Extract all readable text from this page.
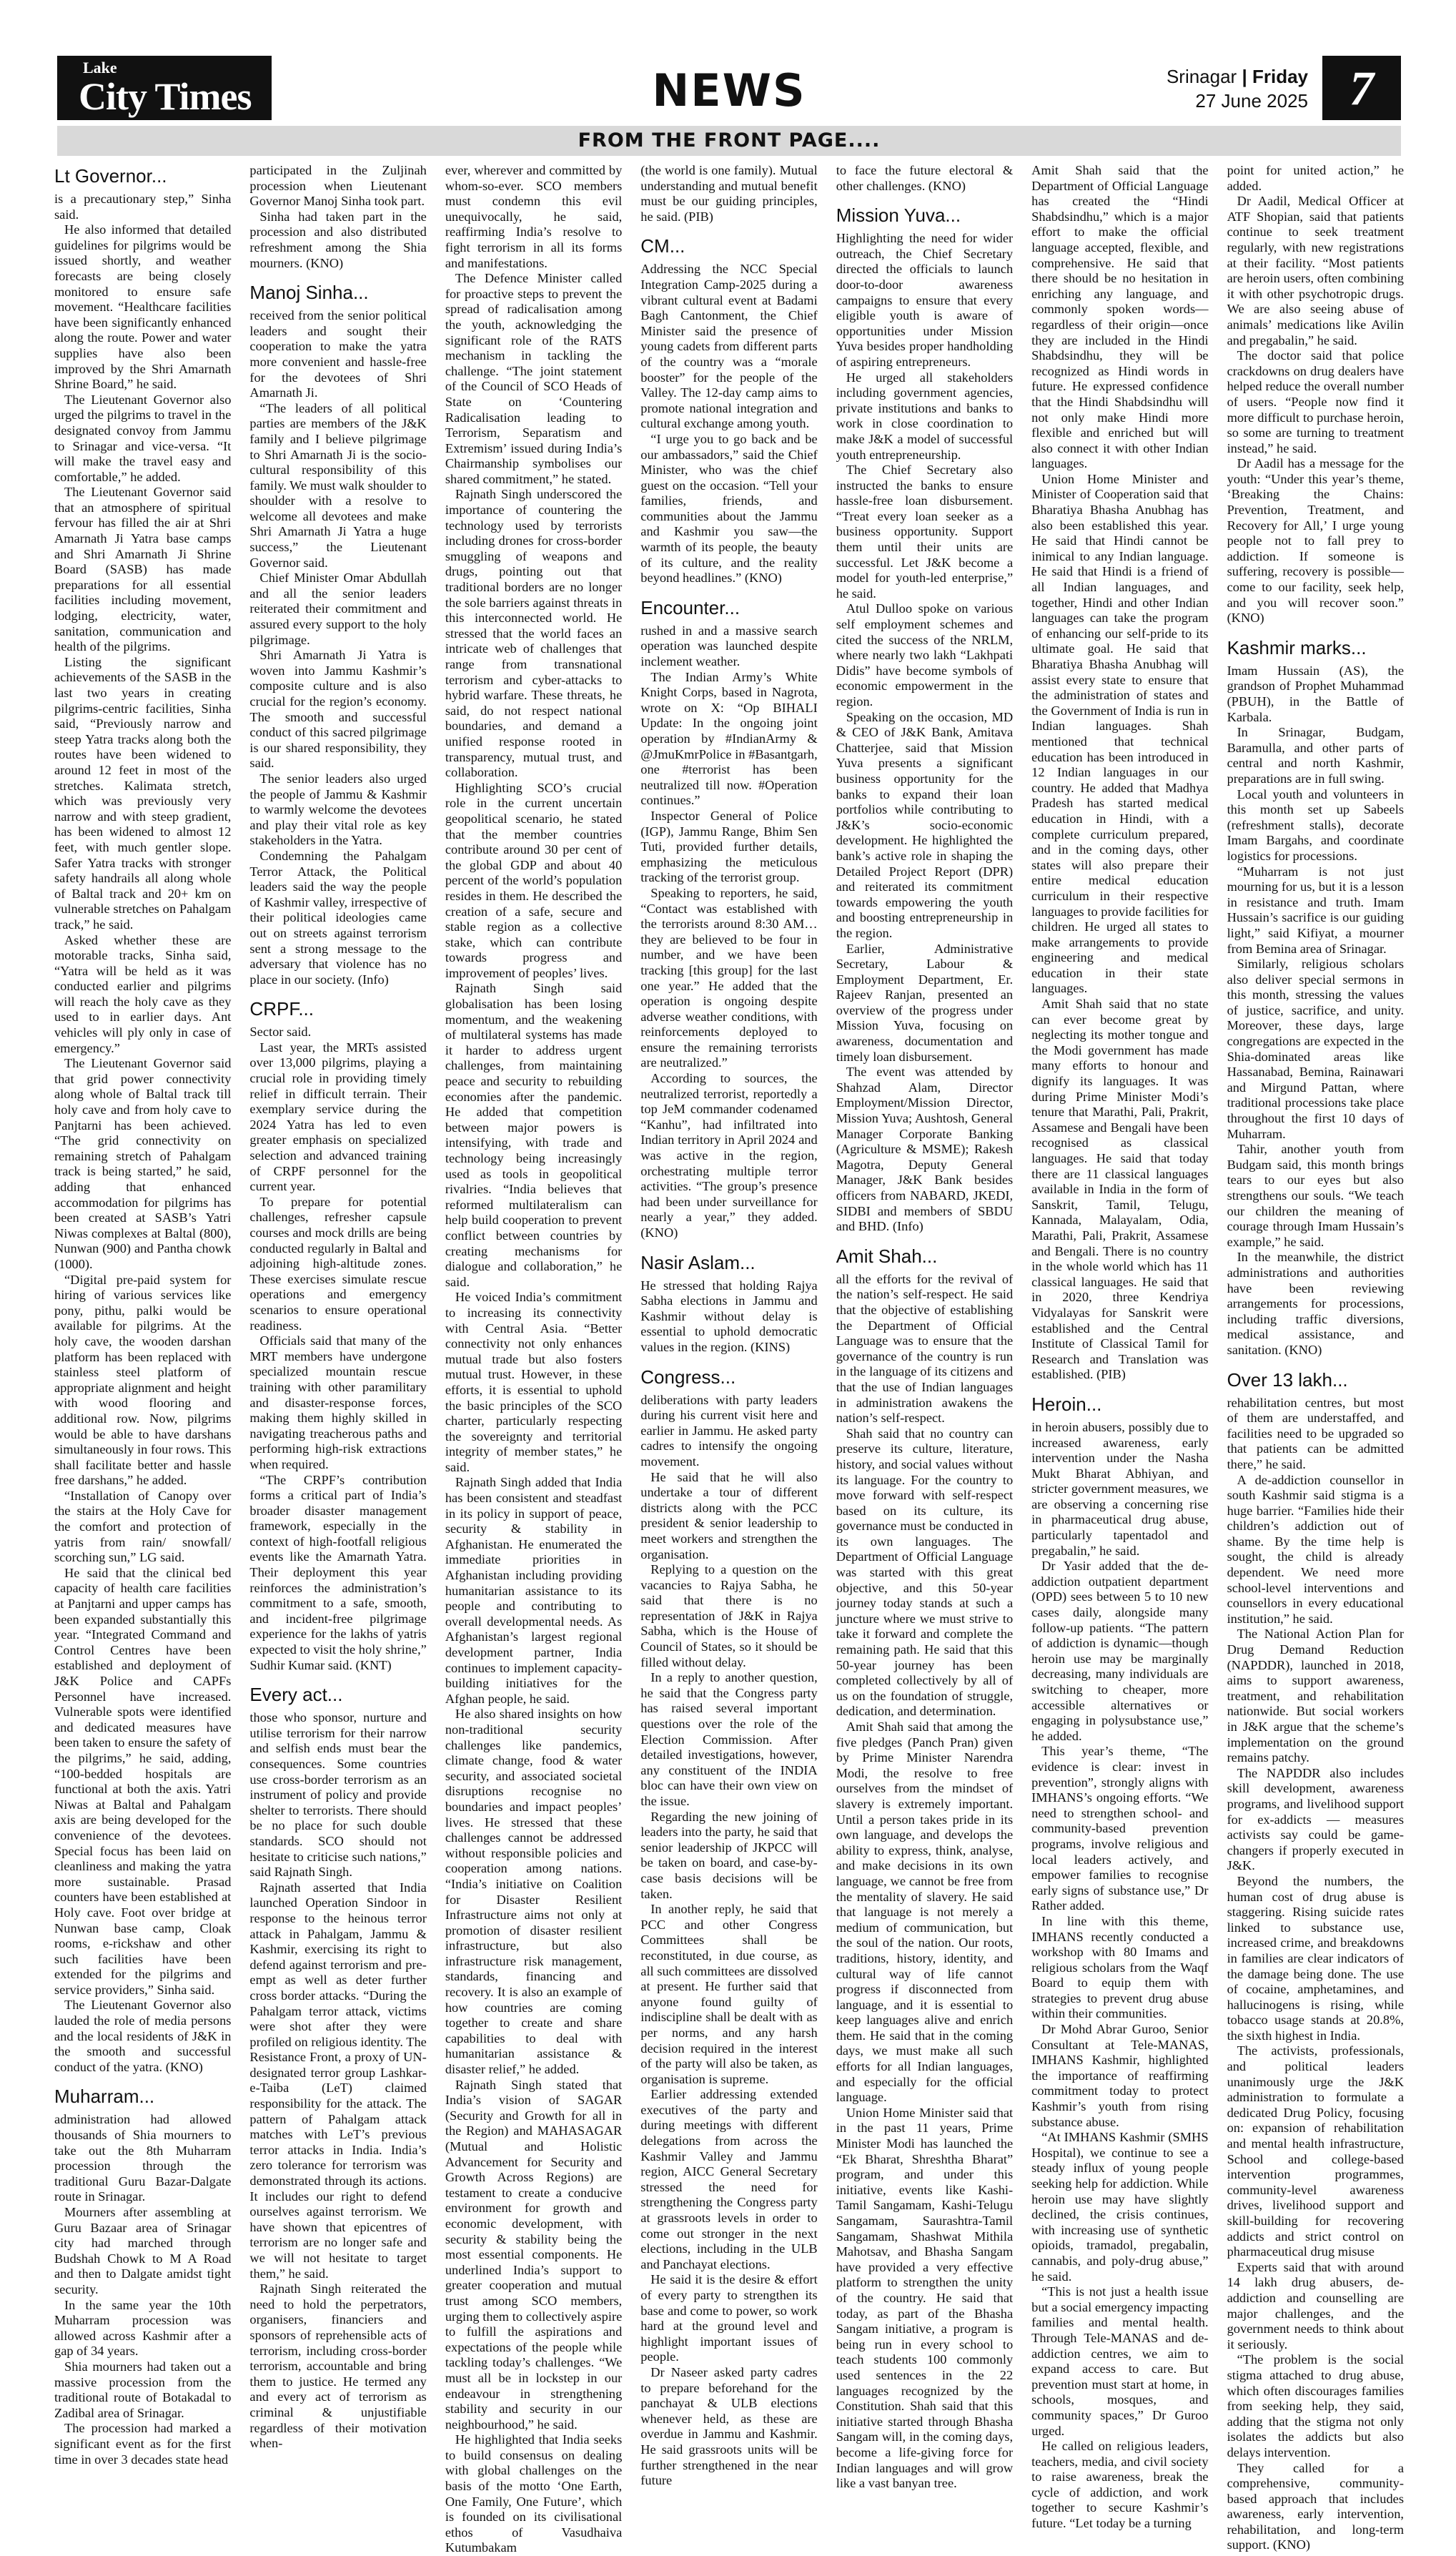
Lake
City Times	NEWS	Srinagar | Friday
27 June 2025 7
FROM THE FRONT PAGE....
Lt Governor...

is a precautionary step,” Sinha said.

He also informed that detailed guidelines for pilgrims would be issued shortly, and weather forecasts are being closely monitored to ensure safe movement. “Healthcare facilities have been significantly enhanced along the route. Power and water supplies have also been improved by the Shri Amarnath Shrine Board,” he said.

The Lieutenant Governor also urged the pilgrims to travel in the designated convoy from Jammu to Srinagar and vice-versa. “It will make the travel easy and comfortable,” he added.

The Lieutenant Governor said that an atmosphere of spiritual fervour has filled the air at Shri Amarnath Ji Yatra base camps and Shri Amarnath Ji Shrine Board (SASB) has made preparations for all essential facilities including movement, lodging, electricity, water, sanitation, communication and health of the pilgrims.

Listing the significant achievements of the SASB in the last two years in creating pilgrims-centric facilities, Sinha said, “Previously narrow and steep Yatra tracks along both the routes have been widened to around 12 feet in most of the stretches. Kalimata stretch, which was previously very narrow and with steep gradient, has been widened to almost 12 feet, with much gentler slope. Safer Yatra tracks with stronger safety handrails all along whole of Baltal track and 20+ km on vulnerable stretches on Pahalgam track,” he said.

Asked whether these are motorable tracks, Sinha said, “Yatra will be held as it was conducted earlier and pilgrims will reach the holy cave as they used to in earlier days. Ant vehicles will ply only in case of emergency.”

The Lieutenant Governor said that grid power connectivity along whole of Baltal track till holy cave and from holy cave to Panjtarni has been achieved. “The grid connectivity on remaining stretch of Pahalgam track is being started,” he said, adding that enhanced accommodation for pilgrims has been created at SASB’s Yatri Niwas complexes at Baltal (800), Nunwan (900) and Panthа chowk (1000).

“Digital pre-paid system for hiring of various services like pony, pithu, palki would be available for pilgrims. At the holy cave, the wooden darshan platform has been replaced with stainless steel platform of appropriate alignment and height with wood flooring and additional row. Now, pilgrims would be able to have darshans simultaneously in four rows. This shall facilitate better and hassle free darshans,” he added.

“Installation of Canopy over the stairs at the Holy Cave for the comfort and protection of yatris from rain/ snowfall/ scorching sun,” LG said.

He said that the clinical bed capacity of health care facilities at Panjtarni and upper camps has been expanded substantially this year. “Integrated Command and Control Centres have been established and deployment of J&K Police and CAPFs Personnel have increased. Vulnerable spots were identified and dedicated measures have been taken to ensure the safety of the pilgrims,” he said, adding, “100-bedded hospitals are functional at both the axis. Yatri Niwas at Baltal and Pahalgam axis are being developed for the convenience of the devotees. Special focus has been laid on cleanliness and making the yatra more sustainable. Prasad counters have been established at Holy cave. Foot over bridge at Nunwan base camp, Cloak rooms, e-rickshaw and other such facilities have been extended for the pilgrims and service providers,” Sinha said.

The Lieutenant Governor also lauded the role of media persons and the local residents of J&K in the smooth and successful conduct of the yatra. (KNO)

Muharram...

administration had allowed thousands of Shia mourners to take out the 8th Muharram procession through the traditional Guru Bazar-Dalgate route in Srinagar.

Mourners after assembling at Guru Bazaar area of Srinagar city had marched through Budshah Chowk to M A Road and then to Dalgate amidst tight security.

In the same year the 10th Muharram procession was allowed across Kashmir after a gap of 34 years.

Shia mourners had taken out a massive procession from the traditional route of Botakadal to Zadibal area of Srinagar.

The procession had marked a significant event as for the first time in over 3 decades state head

participated in the Zuljinah procession when Lieutenant Governor Manoj Sinha took part.

Sinha had taken part in the procession and also distributed refreshment among the Shia mourners. (KNO)

Manoj Sinha...

received from the senior political leaders and sought their cooperation to make the yatra more convenient and hassle-free for the devotees of Shri Amarnath Ji.

“The leaders of all political parties are members of the J&K family and I believe pilgrimage to Shri Amarnath Ji is the socio-cultural responsibility of this family. We must walk shoulder to shoulder with a resolve to welcome all devotees and make Shri Amarnath Ji Yatra a huge success,” the Lieutenant Governor said.

Chief Minister Omar Abdullah and all the senior leaders reiterated their commitment and assured every support to the holy pilgrimage.

Shri Amarnath Ji Yatra is woven into Jammu Kashmir’s composite culture and is also crucial for the region’s economy. The smooth and successful conduct of this sacred pilgrimage is our shared responsibility, they said.

The senior leaders also urged the people of Jammu & Kashmir to warmly welcome the devotees and play their vital role as key stakeholders in the Yatra.

Condemning the Pahalgam Terror Attack, the Political leaders said the way the people of Kashmir valley, irrespective of their political ideologies came out on streets against terrorism sent a strong message to the adversary that violence has no place in our society. (Info)

CRPF...

Sector said.

Last year, the MRTs assisted over 13,000 pilgrims, playing a crucial role in providing timely relief in difficult terrain. Their exemplary service during the 2024 Yatra has led to even greater emphasis on specialized selection and advanced training of CRPF personnel for the current year.

To prepare for potential challenges, refresher capsule courses and mock drills are being conducted regularly in Baltal and adjoining high-altitude zones. These exercises simulate rescue operations and emergency scenarios to ensure operational readiness.

Officials said that many of the MRT members have undergone specialized mountain rescue training with other paramilitary and disaster-response forces, making them highly skilled in navigating treacherous paths and performing high-risk extractions when required.

“The CRPF’s contribution forms a critical part of India’s broader disaster management framework, especially in the context of high-footfall religious events like the Amarnath Yatra. Their deployment this year reinforces the administration’s commitment to a safe, smooth, and incident-free pilgrimage experience for the lakhs of yatris expected to visit the holy shrine,” Sudhir Kumar said. (KNT)

Every act...

those who sponsor, nurture and utilise terrorism for their narrow and selfish ends must bear the consequences. Some countries use cross-border terrorism as an instrument of policy and provide shelter to terrorists. There should be no place for such double standards. SCO should not hesitate to criticise such nations,” said Rajnath Singh.

Rajnath asserted that India launched Operation Sindoor in response to the heinous terror attack in Pahalgam, Jammu & Kashmir, exercising its right to defend against terrorism and pre-empt as well as deter further cross border attacks. “During the Pahalgam terror attack, victims were shot after they were profiled on religious identity. The Resistance Front, a proxy of UN-designated terror group Lashkar-e-Taiba (LeT) claimed responsibility for the attack. The pattern of Pahalgam attack matches with LeT’s previous terror attacks in India. India’s zero tolerance for terrorism was demonstrated through its actions. It includes our right to defend ourselves against terrorism. We have shown that epicentres of terrorism are no longer safe and we will not hesitate to target them,” he said.

Rajnath Singh reiterated the need to hold the perpetrators, organisers, financiers and sponsors of reprehensible acts of terrorism, including cross-border terrorism, accountable and bring them to justice. He termed any and every act of terrorism as criminal & unjustifiable regardless of their motivation when-

ever, wherever and committed by whom-so-ever. SCO members must condemn this evil unequivocally, he said, reaffirming India’s resolve to fight terrorism in all its forms and manifestations.

The Defence Minister called for proactive steps to prevent the spread of radicalisation among the youth, acknowledging the significant role of the RATS mechanism in tackling the challenge. “The joint statement of the Council of SCO Heads of State on ‘Countering Radicalisation leading to Terrorism, Separatism and Extremism’ issued during India’s Chairmanship symbolises our shared commitment,” he stated.

Rajnath Singh underscored the importance of countering the technology used by terrorists including drones for cross-border smuggling of weapons and drugs, pointing out that traditional borders are no longer the sole barriers against threats in this interconnected world. He stressed that the world faces an intricate web of challenges that range from transnational terrorism and cyber-attacks to hybrid warfare. These threats, he said, do not respect national boundaries, and demand a unified response rooted in transparency, mutual trust, and collaboration.

Highlighting SCO’s crucial role in the current uncertain geopolitical scenario, he stated that the member countries contribute around 30 per cent of the global GDP and about 40 percent of the world’s population resides in them. He described the creation of a safe, secure and stable region as a collective stake, which can contribute towards progress and improvement of peoples’ lives.

Rajnath Singh said globalisation has been losing momentum, and the weakening of multilateral systems has made it harder to address urgent challenges, from maintaining peace and security to rebuilding economies after the pandemic. He added that competition between major powers is intensifying, with trade and technology being increasingly used as tools in geopolitical rivalries. “India believes that reformed multilateralism can help build cooperation to prevent conflict between countries by creating mechanisms for dialogue and collaboration,” he said.

He voiced India’s commitment to increasing its connectivity with Central Asia. “Better connectivity not only enhances mutual trade but also fosters mutual trust. However, in these efforts, it is essential to uphold the basic principles of the SCO charter, particularly respecting the sovereignty and territorial integrity of member states,” he said.

Rajnath Singh added that India has been consistent and steadfast in its policy in support of peace, security & stability in Afghanistan. He enumerated the immediate priorities in Afghanistan including providing humanitarian assistance to its people and contributing to overall developmental needs. As Afghanistan’s largest regional development partner, India continues to implement capacity-building initiatives for the Afghan people, he said.

He also shared insights on how non-traditional security challenges like pandemics, climate change, food & water security, and associated societal disruptions recognise no boundaries and impact peoples’ lives. He stressed that these challenges cannot be addressed without responsible policies and cooperation among nations. “India’s initiative on Coalition for Disaster Resilient Infrastructure aims not only at promotion of disaster resilient infrastructure, but also infrastructure risk management, standards, financing and recovery. It is also an example of how countries are coming together to create and share capabilities to deal with humanitarian assistance & disaster relief,” he added.

Rajnath Singh stated that India’s vision of SAGAR (Security and Growth for all in the Region) and MAHASAGAR (Mutual and Holistic Advancement for Security and Growth Across Regions) are testament to create a conducive environment for growth and economic development, with security & stability being the most essential components. He underlined India’s support to greater cooperation and mutual trust among SCO members, urging them to collectively aspire to fulfill the aspirations and expectations of the people while tackling today’s challenges. “We must all be in lockstep in our endeavour in strengthening stability and security in our neighbourhood,” he said.

He highlighted that India seeks to build consensus on dealing with global challenges on the basis of the motto ‘One Earth, One Family, One Future’, which is founded on its civilisational ethos of Vasudhaiva Kutumbakam

(the world is one family). Mutual understanding and mutual benefit must be our guiding principles, he said. (PIB)

CM...

Addressing the NCC Special Integration Camp-2025 during a vibrant cultural event at Badami Bagh Cantonment, the Chief Minister said the presence of young cadets from different parts of the country was a “morale booster” for the people of the Valley. The 12-day camp aims to promote national integration and cultural exchange among youth.

“I urge you to go back and be our ambassadors,” said the Chief Minister, who was the chief guest on the occasion. “Tell your families, friends, and communities about the Jammu and Kashmir you saw—the warmth of its people, the beauty of its culture, and the reality beyond headlines.” (KNO)

Encounter...

rushed in and a massive search operation was launched despite inclement weather.

The Indian Army’s White Knight Corps, based in Nagrota, wrote on X: “Op BIHALI Update: In the ongoing joint operation by #IndianArmy & @JmuKmrPolice in #Basantgarh, one #terrorist has been neutralized till now. #Operation continues.”

Inspector General of Police (IGP), Jammu Range, Bhim Sen Tuti, provided further details, emphasizing the meticulous tracking of the terrorist group.

Speaking to reporters, he said, “Contact was established with the terrorists around 8:30 AM… they are believed to be four in number, and we have been tracking [this group] for the last one year.” He added that the operation is ongoing despite adverse weather conditions, with reinforcements deployed to ensure the remaining terrorists are neutralized.”

According to sources, the neutralized terrorist, reportedly a top JeM commander codenamed “Kanhu”, had infiltrated into Indian territory in April 2024 and was active in the region, orchestrating multiple terror activities. “The group’s presence had been under surveillance for nearly a year,” they added. (KNO)

Nasir Aslam...

He stressed that holding Rajya Sabha elections in Jammu and Kashmir without delay is essential to uphold democratic values in the region. (KINS)

Congress...

deliberations with party leaders during his current visit here and earlier in Jammu. He asked party cadres to intensify the ongoing movement.

He said that he will also undertake a tour of different districts along with the PCC president & senior leadership to meet workers and strengthen the organisation.

Replying to a question on the vacancies to Rajya Sabha, he said that there is no representation of J&K in Rajya Sabha, which is the House of Council of States, so it should be filled without delay.

In a reply to another question, he said that the Congress party has raised several important questions over the role of the Election Commission. After detailed investigations, however, any constituent of the INDIA bloc can have their own view on the issue.

Regarding the new joining of leaders into the party, he said that senior leadership of JKPCC will be taken on board, and case-by-case basis decisions will be taken.

In another reply, he said that PCC and other Congress Committees shall be reconstituted, in due course, as all such committees are dissolved at present. He further said that anyone found guilty of indiscipline shall be dealt with as per norms, and any harsh decision required in the interest of the party will also be taken, as organisation is supreme.

Earlier addressing extended executives of the party and during meetings with different delegations from across the Kashmir Valley and Jammu region, AICC General Secretary stressed the need for strengthening the Congress party at grassroots levels in order to come out stronger in the next elections, including in the ULB and Panchayat elections.

He said it is the desire & effort of every party to strengthen its base and come to power, so work hard at the ground level and highlight important issues of people.

Dr Naseer asked party cadres to prepare beforehand for the panchayat & ULB elections whenever held, as these are overdue in Jammu and Kashmir. He said grassroots units will be further strengthened in the near future

to face the future electoral & other challenges. (KNO)

Mission Yuva...

Highlighting the need for wider outreach, the Chief Secretary directed the officials to launch door-to-door awareness campaigns to ensure that every eligible youth is aware of opportunities under Mission Yuva besides proper handholding of aspiring entrepreneurs.

He urged all stakeholders including government agencies, private institutions and banks to work in close coordination to make J&K a model of successful youth entrepreneurship.

The Chief Secretary also instructed the banks to ensure hassle-free loan disbursement. “Treat every loan seeker as a business opportunity. Support them until their units are successful. Let J&K become a model for youth-led enterprise,” he said.

Atul Dulloo spoke on various self employment schemes and cited the success of the NRLM, where nearly two lakh “Lakhpati Didis” have become symbols of economic empowerment in the region.

Speaking on the occasion, MD & CEO of J&K Bank, Amitava Chatterjee, said that Mission Yuva presents a significant business opportunity for the banks to expand their loan portfolios while contributing to J&K’s socio-economic development. He highlighted the bank’s active role in shaping the Detailed Project Report (DPR) and reiterated its commitment towards empowering the youth and boosting entrepreneurship in the region.

Earlier, Administrative Secretary, Labour & Employment Department, Er. Rajeev Ranjan, presented an overview of the progress under Mission Yuva, focusing on awareness, documentation and timely loan disbursement.

The event was attended by Shahzad Alam, Director Employment/Mission Director, Mission Yuva; Aushtosh, General Manager Corporate Banking (Agriculture & MSME); Rakesh Magotra, Deputy General Manager, J&K Bank besides officers from NABARD, JKEDI, SIDBI and members of SBDU and BHD. (Info)

Amit Shah...

all the efforts for the revival of the nation’s self-respect. He said that the objective of establishing the Department of Official Language was to ensure that the governance of the country is run in the language of its citizens and that the use of Indian languages in administration awakens the nation’s self-respect.

Shah said that no country can preserve its culture, literature, history, and social values without its language. For the country to move forward with self-respect based on its culture, its governance must be conducted in its own languages. The Department of Official Language was started with this great objective, and this 50-year journey today stands at such a juncture where we must strive to take it forward and complete the remaining path. He said that this 50-year journey has been completed collectively by all of us on the foundation of struggle, dedication, and determination.

Amit Shah said that among the five pledges (Panch Pran) given by Prime Minister Narendra Modi, the resolve to free ourselves from the mindset of slavery is extremely important. Until a person takes pride in its own language, and develops the ability to express, think, analyse, and make decisions in its own language, we cannot be free from the mentality of slavery. He said that language is not merely a medium of communication, but the soul of the nation. Our roots, traditions, history, identity, and cultural way of life cannot progress if disconnected from language, and it is essential to keep languages alive and enrich them. He said that in the coming days, we must make all such efforts for all Indian languages, and especially for the official language.

Union Home Minister said that in the past 11 years, Prime Minister Modi has launched the “Ek Bharat, Shreshtha Bharat” program, and under this initiative, events like Kashi-Tamil Sangamam, Kashi-Telugu Sangamam, Saurashtra-Tamil Sangamam, Shashwat Mithila Mahotsav, and Bhasha Sangam have provided a very effective platform to strengthen the unity of the country. He said that today, as part of the Bhasha Sangam initiative, a program is being run in every school to teach students 100 commonly used sentences in the 22 languages recognized by the Constitution. Shah said that this initiative started through Bhasha Sangam will, in the coming days, become a life-giving force for Indian languages and will grow like a vast banyan tree.

Amit Shah said that the Department of Official Language has created the “Hindi Shabdsindhu,” which is a major effort to make the official language accepted, flexible, and comprehensive. He said that there should be no hesitation in enriching any language, and commonly spoken words—regardless of their origin—once they are included in the Hindi Shabdsindhu, they will be recognized as Hindi words in future. He expressed confidence that the Hindi Shabdsindhu will not only make Hindi more flexible and enriched but will also connect it with other Indian languages.

Union Home Minister and Minister of Cooperation said that Bharatiya Bhasha Anubhag has also been established this year. He said that Hindi cannot be inimical to any Indian language. He said that Hindi is a friend of all Indian languages, and together, Hindi and other Indian languages can take the program of enhancing our self-pride to its ultimate goal. He said that Bharatiya Bhasha Anubhag will assist every state to ensure that the administration of states and the Government of India is run in Indian languages. Shah mentioned that technical education has been introduced in 12 Indian languages in our country. He added that Madhya Pradesh has started medical education in Hindi, with a complete curriculum prepared, and in the coming days, other states will also prepare their entire medical education curriculum in their respective languages to provide facilities for children. He urged all states to make arrangements to provide engineering and medical education in their state languages.

Amit Shah said that no state can ever become great by neglecting its mother tongue and the Modi government has made many efforts to honour and dignify its languages. It was during Prime Minister Modi’s tenure that Marathi, Pali, Prakrit, Assamese and Bengali have been recognised as classical languages. He said that today there are 11 classical languages available in India in the form of Sanskrit, Tamil, Telugu, Kannada, Malayalam, Odia, Marathi, Pali, Prakrit, Assamese and Bengali. There is no country in the whole world which has 11 classical languages. He said that in 2020, three Kendriya Vidyalayas for Sanskrit were established and the Central Institute of Classical Tamil for Research and Translation was established. (PIB)

Heroin...

in heroin abusers, possibly due to increased awareness, early intervention under the Nasha Mukt Bharat Abhiyan, and stricter government measures, we are observing a concerning rise in pharmaceutical drug abuse, particularly tapentadol and pregabalin,” he said.

Dr Yasir added that the de-addiction outpatient department (OPD) sees between 5 to 10 new cases daily, alongside many follow-up patients. “The pattern of addiction is dynamic—though heroin use may be marginally decreasing, many individuals are switching to cheaper, more accessible alternatives or engaging in polysubstance use,” he added.

This year’s theme, “The evidence is clear: invest in prevention”, strongly aligns with IMHANS’s ongoing efforts. “We need to strengthen school- and community-based prevention programs, involve religious and local leaders actively, and empower families to recognise early signs of substance use,” Dr Rather added.

In line with this theme, IMHANS recently conducted a workshop with 80 Imams and religious scholars from the Waqf Board to equip them with strategies to prevent drug abuse within their communities.

Dr Mohd Abrar Guroo, Senior Consultant at Tele-MANAS, IMHANS Kashmir, highlighted the importance of reaffirming commitment today to protect Kashmir’s youth from rising substance abuse.

“At IMHANS Kashmir (SMHS Hospital), we continue to see a steady influx of young people seeking help for addiction. While heroin use may have slightly declined, the crisis continues, with increasing use of synthetic opioids, tramadol, pregabalin, cannabis, and poly-drug abuse,” he said.

“This is not just a health issue but a social emergency impacting families and mental health. Through Tele-MANAS and de-addiction centres, we aim to expand access to care. But prevention must start at home, in schools, mosques, and community spaces,” Dr Guroo urged.

He called on religious leaders, teachers, media, and civil society to raise awareness, break the cycle of addiction, and work together to secure Kashmir’s future. “Let today be a turning

point for united action,” he added.

Dr Aadil, Medical Officer at ATF Shopian, said that patients continue to seek treatment regularly, with new registrations at their facility. “Most patients are heroin users, often combining it with other psychotropic drugs. We are also seeing abuse of animals’ medications like Avilin and pregabalin,” he said.

The doctor said that police crackdowns on drug dealers have helped reduce the overall number of users. “People now find it more difficult to purchase heroin, so some are turning to treatment instead,” he said.

Dr Aadil has a message for the youth: “Under this year’s theme, ‘Breaking the Chains: Prevention, Treatment, and Recovery for All,’ I urge young people not to fall prey to addiction. If someone is suffering, recovery is possible—come to our facility, seek help, and you will recover soon.” (KNO)

Kashmir marks...

Imam Hussain (AS), the grandson of Prophet Muhammad (PBUH), in the Battle of Karbala.

In Srinagar, Budgam, Baramulla, and other parts of central and north Kashmir, preparations are in full swing.

Local youth and volunteers in this month set up Sabeels (refreshment stalls), decorate Imam Bargahs, and coordinate logistics for processions.

“Muharram is not just mourning for us, but it is a lesson in resistance and truth. Imam Hussain’s sacrifice is our guiding light,” said Kifiyat, a mourner from Bemina area of Srinagar.

Similarly, religious scholars also deliver special sermons in this month, stressing the values of justice, sacrifice, and unity. Moreover, these days, large congregations are expected in the Shia-dominated areas like Hassanabad, Bemina, Rainawari and Mirgund Pattan, where traditional processions take place throughout the first 10 days of Muharram.

Tahir, another youth from Budgam said, this month brings tears to our eyes but also strengthens our souls. “We teach our children the meaning of courage through Imam Hussain’s example,” he said.

In the meanwhile, the district administrations and authorities have been reviewing arrangements for processions, including traffic diversions, medical assistance, and sanitation. (KNO)

Over 13 lakh...

rehabilitation centres, but most of them are understaffed, and facilities need to be upgraded so that patients can be admitted there,” he said.

A de-addiction counsellor in south Kashmir said stigma is a huge barrier. “Families hide their children’s addiction out of shame. By the time help is sought, the child is already dependent. We need more school-level interventions and counsellors in every educational institution,” he said.

The National Action Plan for Drug Demand Reduction (NAPDDR), launched in 2018, aims to support awareness, treatment, and rehabilitation nationwide. But social workers in J&K argue that the scheme’s implementation on the ground remains patchy.

The NAPDDR also includes skill development, awareness programs, and livelihood support for ex-addicts — measures activists say could be game-changers if properly executed in J&K.

Beyond the numbers, the human cost of drug abuse is staggering. Rising suicide rates linked to substance use, increased crime, and breakdowns in families are clear indicators of the damage being done. The use of cocaine, amphetamines, and hallucinogens is rising, while tobacco usage stands at 20.8%, the sixth highest in India.

The activists, professionals, and political leaders unanimously urge the J&K administration to formulate a dedicated Drug Policy, focusing on: expansion of rehabilitation and mental health infrastructure, School and college-based intervention programmes, community-level awareness drives, livelihood support and skill-building for recovering addicts and strict control on pharmaceutical drug misuse

Experts said that with around 14 lakh drug abusers, de-addiction and counselling are major challenges, and the government needs to think about it seriously.

“The problem is the social stigma attached to drug abuse, which often discourages families from seeking help, they said, adding that the stigma not only isolates the addicts but also delays intervention.

They called for a comprehensive, community-based approach that includes awareness, early intervention, rehabilitation, and long-term support. (KNO)
